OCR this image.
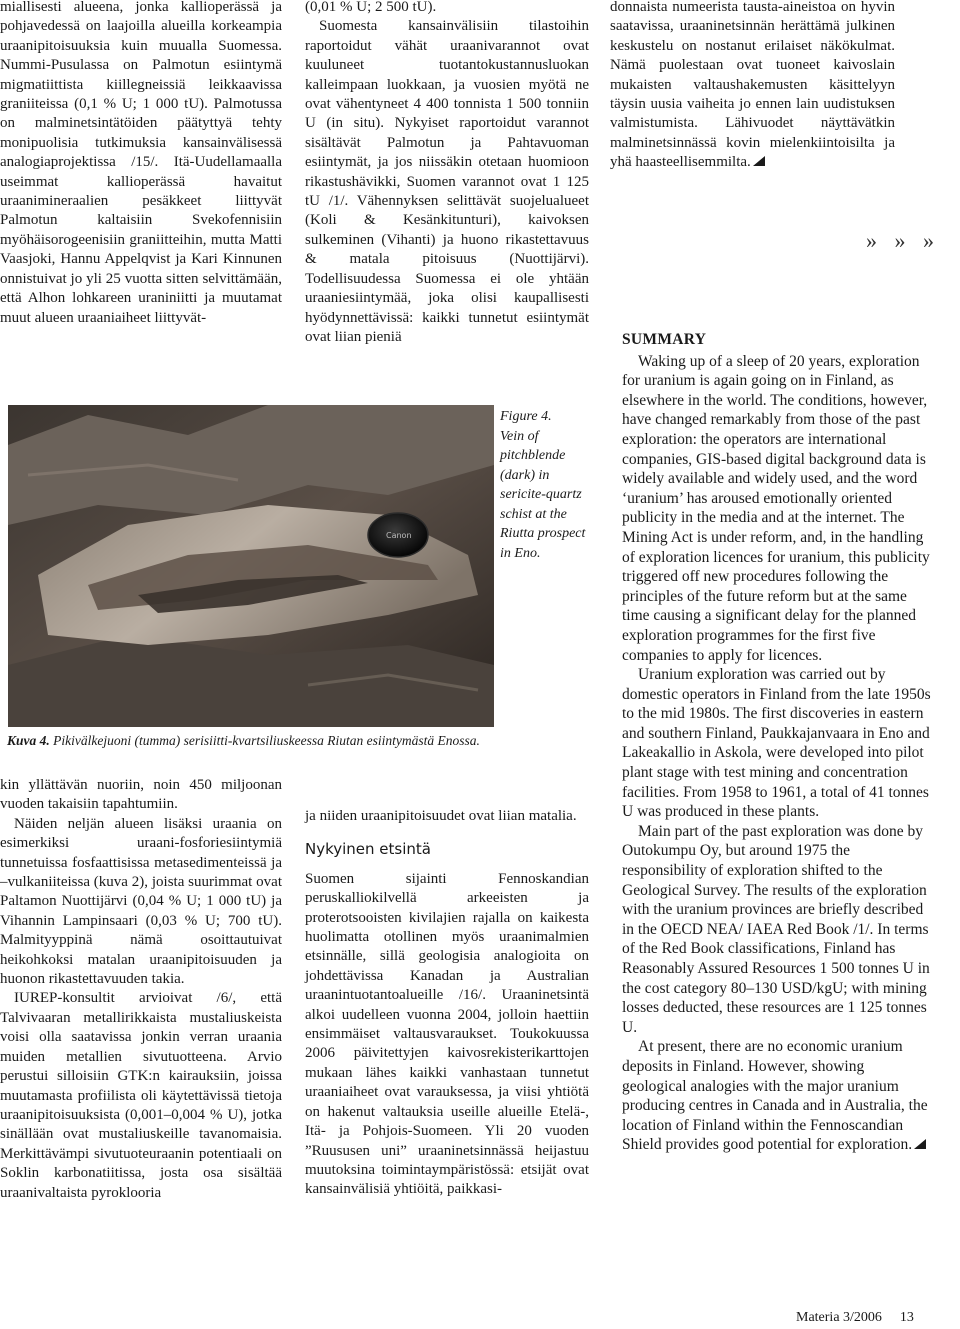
miallisesti alueena, jonka kallioperässä ja pohjavedessä on laajoilla alueilla korkeampia uraanipitoisuuksia kuin muualla Suomessa. Nummi-Pusulassa on Palmotun esiintymä migmatiittista kiillegneissiä leikkaavissa graniiteissa (0,1 % U; 1 000 tU). Palmotussa on malminetsintätöiden päätyttyä tehty monipuolisia tutkimuksia kansainvälisessä analogiaprojektissa /15/. Itä-Uudellamaalla useimmat kallioperässä havaitut uraanimineraalien pesäkkeet liittyvät Palmotun kaltaisiin Svekofennisiin myöhäisorogeenisiin graniitteihin, mutta Matti Vaasjoki, Hannu Appelqvist ja Kari Kinnunen onnistuivat jo yli 25 vuotta sitten selvittämään, että Alhon lohkareen uraniniitti ja muutamat muut alueen uraaniaiheet liittyvät-

(0,01 % U; 2 500 tU).

Suomesta kansainvälisiin tilastoihin raportoidut vähät uraanivarannot ovat kuuluneet tuotantokustannusluokan kalleimpaan luokkaan, ja vuosien myötä ne ovat vähentyneet 4 400 tonnista 1 500 tonniin U (in situ). Nykyiset raportoidut varannot sisältävät Palmotun ja Pahtavuoman esiintymät, ja jos niissäkin otetaan huomioon rikastushävikki, Suomen varannot ovat 1 125 tU /1/. Vähennyksen selittävät suojelualueet (Koli & Kesänkitunturi), kaivoksen sulkeminen (Vihanti) ja huono rikastettavuus & matala pitoisuus (Nuottijärvi). Todellisuudessa Suomessa ei ole yhtään uraaniesiintymää, joka olisi kaupallisesti hyödynnettävissä: kaikki tunnetut esiintymät ovat liian pieniä

donnaista numeerista tausta-aineistoa on hyvin saatavissa, uraaninetsinnän herättämä julkinen keskustelu on nostanut erilaiset näkökulmat. Nämä puolestaan ovat tuoneet kaivoslain mukaisten valtaushakemusten käsittelyyn täysin uusia vaiheita jo ennen lain uudistuksen valmistumista. Lähivuodet näyttävätkin malminetsinnässä kovin mielenkiintoisilta ja yhä haasteellisemmilta.

» » »
Canon
Figure 4.
Vein of pitchblende (dark) in sericite-quartz schist at the Riutta prospect in Eno.
Kuva 4. Pikivälkejuoni (tumma) serisiitti-kvartsiliuskeessa Riutan esiintymästä Enossa.

kin yllättävän nuoriin, noin 450 miljoonan vuoden takaisiin tapahtumiin.

Näiden neljän alueen lisäksi uraania on esimerkiksi uraani-fosforiesiintymiä tunnetuissa fosfaattisissa metasedimenteissä ja –vulkaniiteissa (kuva 2), joista suurimmat ovat Paltamon Nuottijärvi (0,04 % U; 1 000 tU) ja Vihannin Lampinsaari (0,03 % U; 700 tU). Malmityyppinä nämä osoittautuivat heikohkoksi matalan uraanipitoisuuden ja huonon rikastettavuuden takia.

IUREP-konsultit arvioivat /6/, että Talvivaaran metallirikkaista mustaliuskeista voisi olla saatavissa jonkin verran uraania muiden metallien sivutuotteena. Arvio perustui silloisiin GTK:n kairauksiin, joissa muutamasta profiilista oli käytettävissä tietoja uraanipitoisuuksista (0,001–0,004 % U), jotka sinällään ovat mustaliuskeille tavanomaisia. Merkittävämpi sivutuoteuraanin potentiaali on Soklin karbonatiitissa, josta osa sisältää uraanivaltaista pyroklooria

ja niiden uraanipitoisuudet ovat liian matalia.

Nykyinen etsintä

Suomen sijainti Fennoskandian peruskalliokilvellä arkeeisten ja proterotsooisten kivilajien rajalla on kaikesta huolimatta otollinen myös uraanimalmien etsinnälle, sillä geologisia analogioita on johdettävissa Kanadan ja Australian uraanintuotantoalueille /16/. Uraaninetsintä alkoi uudelleen vuonna 2004, jolloin haettiin ensimmäiset valtausvaraukset. Toukokuussa 2006 päivitettyjen kaivosrekisterikarttojen mukaan lähes kaikki vanhastaan tunnetut uraaniaiheet ovat varauksessa, ja viisi yhtiötä on hakenut valtauksia useille alueille Etelä-, Itä- ja Pohjois-Suomeen. Yli 20 vuoden ”Ruususen uni” uraaninetsinnässä heijastuu muutoksina toimintaympäristössä: etsijät ovat kansainvälisiä yhtiöitä, paikkasi-

SUMMARY

Waking up of a sleep of 20 years, exploration for uranium is again going on in Finland, as elsewhere in the world. The conditions, however, have changed remarkably from those of the past exploration: the operators are international companies, GIS-based digital background data is widely available and widely used, and the word ‘uranium’ has aroused emotionally oriented publicity in the media and at the internet. The Mining Act is under reform, and, in the handling of exploration licences for uranium, this publicity triggered off new procedures following the principles of the future reform but at the same time causing a significant delay for the planned exploration programmes for the first five companies to apply for licences.

Uranium exploration was carried out by domestic operators in Finland from the late 1950s to the mid 1980s. The first discoveries in eastern and southern Finland, Paukkajanvaara in Eno and Lakeakallio in Askola, were developed into pilot plant stage with test mining and concentration facilities. From 1958 to 1961, a total of 41 tonnes U was produced in these plants.

Main part of the past exploration was done by Outokumpu Oy, but around 1975 the responsibility of exploration shifted to the Geological Survey. The results of the exploration with the uranium provinces are briefly described in the OECD NEA/ IAEA Red Book /1/. In terms of the Red Book classifications, Finland has Reasonably Assured Resources 1 500 tonnes U in the cost category 80–130 USD/kgU; with mining losses deducted, these resources are 1 125 tonnes U.

At present, there are no economic uranium deposits in Finland. However, showing geological analogies with the major uranium producing centres in Canada and in Australia, the location of Finland within the Fennoscandian Shield provides good potential for exploration.

Materia 3/2006 13
